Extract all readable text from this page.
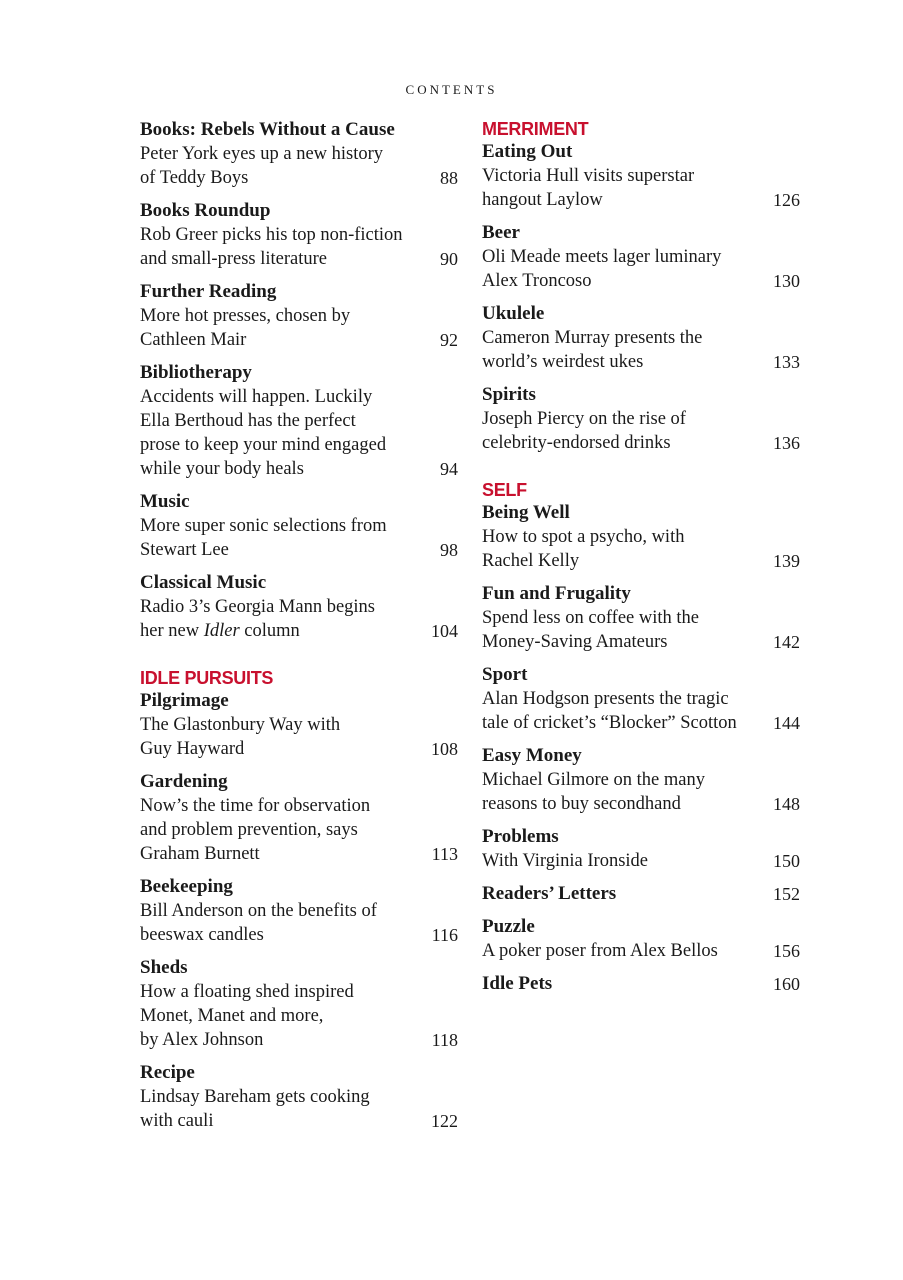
CONTENTS
Books: Rebels Without a Cause
Peter York eyes up a new history
of Teddy Boys	88
Books Roundup
Rob Greer picks his top non-fiction
and small-press literature	90
Further Reading
More hot presses, chosen by
Cathleen Mair	92
Bibliotherapy
Accidents will happen. Luckily
Ella Berthoud has the perfect
prose to keep your mind engaged
while your body heals	94
Music
More super sonic selections from
Stewart Lee	98
Classical Music
Radio 3’s Georgia Mann begins
her new Idler column	104
IDLE PURSUITS
Pilgrimage
The Glastonbury Way with
Guy Hayward	108
Gardening
Now’s the time for observation
and problem prevention, says
Graham Burnett	113
Beekeeping
Bill Anderson on the benefits of
beeswax candles	116
Sheds
How a floating shed inspired
Monet, Manet and more,
by Alex Johnson	118
Recipe
Lindsay Bareham gets cooking
with cauli	122
MERRIMENT
Eating Out
Victoria Hull visits superstar
hangout Laylow	126
Beer
Oli Meade meets lager luminary
Alex Troncoso	130
Ukulele
Cameron Murray presents the
world’s weirdest ukes	133
Spirits
Joseph Piercy on the rise of
celebrity-endorsed drinks	136
SELF
Being Well
How to spot a psycho, with
Rachel Kelly	139
Fun and Frugality
Spend less on coffee with the
Money-Saving Amateurs	142
Sport
Alan Hodgson presents the tragic
tale of cricket’s “Blocker” Scotton	144
Easy Money
Michael Gilmore on the many
reasons to buy secondhand	148
Problems
With Virginia Ironside	150
Readers’ Letters	152
Puzzle
A poker poser from Alex Bellos	156
Idle Pets	160
